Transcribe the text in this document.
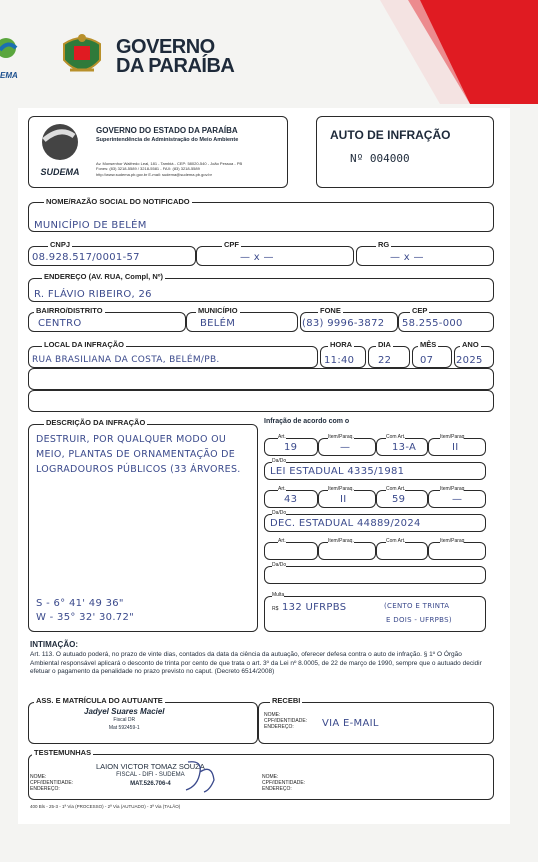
EMA
GOVERNO
DA PARAÍBA
SUDEMA
GOVERNO DO ESTADO DA PARAÍBA
Superintendência de Administração do Meio Ambiente
Av. Monsenhor Walfredo Leal, 181 - Tambiá - CEP: 58020-540 - João Pessoa - PB
Fones: (83) 3218-5589 / 3218-5581 - FAX: (83) 3218-5589
http://www.sudema.pb.gov.br E-mail: sudema@sudema.pb.gov.br
AUTO DE INFRAÇÃO
Nº 004000
NOME/RAZÃO SOCIAL DO NOTIFICADO
MUNICÍPIO DE BELÉM
CNPJ
08.928.517/0001-57
CPF
— x —
RG
— x —
ENDEREÇO (AV. RUA, Compl, Nº)
R. FLÁVIO RIBEIRO, 26
BAIRRO/DISTRITO
CENTRO
MUNICÍPIO
BELÉM
FONE
(83) 9996-3872
CEP
58.255-000
LOCAL DA INFRAÇÃO
RUA BRASILIANA DA COSTA, BELÉM/PB.
HORA
11:40
DIA
22
MÊS
07
ANO
2025
DESCRIÇÃO DA INFRAÇÃO
DESTRUIR, POR QUALQUER MODO OU MEIO, PLANTAS DE ORNAMENTAÇÃO DE LOGRADOUROS PÚBLICOS (33 ÁRVORES.
S - 6° 41' 49 36"
W - 35° 32' 30.72"
Infração de acordo com o
Art.
19
Item/Paraq.
—
Com Art.
13-A
Item/Paraq
II
Da/Do
LEI ESTADUAL 4335/1981
Art.
43
Item/Paraq.
II
Com Art.
59
Item/Paraq
—
Da/Do
DEC. ESTADUAL 44889/2024
Art.	Item/Paraq.	Com Art.	Item/Paraq
Da/Do
Multa
R$ 132 UFRPBS	(CENTO E TRINTA
E DOIS - UFRPBS)
INTIMAÇÃO:
Art. 113. O autuado poderá, no prazo de vinte dias, contados da data da ciência da autuação, oferecer defesa contra o auto de infração. § 1º O Órgão Ambiental responsável aplicará o desconto de trinta por cento de que trata o art. 3º da Lei nº 8.0005, de 22 de março de 1990, sempre que o autuado decidir efetuar o pagamento da penalidade no prazo previsto no caput. (Decreto 6514/2008)
ASS. E MATRÍCULA DO AUTUANTE
Jadyel Suares Maciel
Fiscal DR
Mat 592459-1
RECEBI
NOME:
CPF/IDENTIDADE:
ENDEREÇO:	VIA E-MAIL
TESTEMUNHAS
NOME:
CPF/IDENTIDADE:
ENDEREÇO:
LAION VICTOR TOMAZ SOUZA
FISCAL - DIFI - SUDEMA
MAT.526.706-4
NOME:
CPF/IDENTIDADE:
ENDEREÇO:
400 Bls - 25-3 - 1ª Via (PROCESSO) - 2ª Via (AUTUADO) - 3ª Via (TALÃO)
